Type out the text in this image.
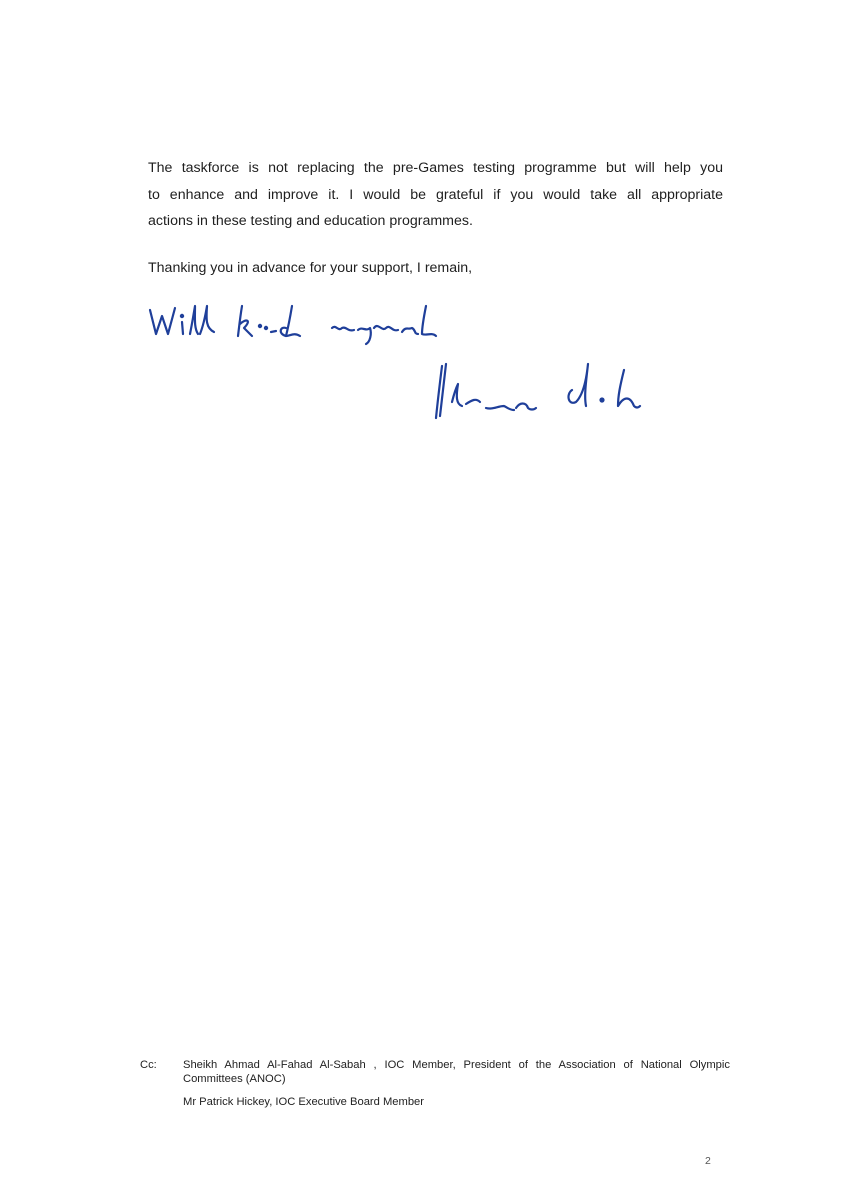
The taskforce is not replacing the pre-Games testing programme but will help you
to enhance and improve it. I would be grateful if you would take all appropriate
actions in these testing and education programmes.
Thanking you in advance for your support, I remain,
Cc:	Sheikh Ahmad Al-Fahad Al-Sabah , IOC Member, President of the Association of National Olympic Committees (ANOC)
Mr Patrick Hickey, IOC Executive Board Member
2
